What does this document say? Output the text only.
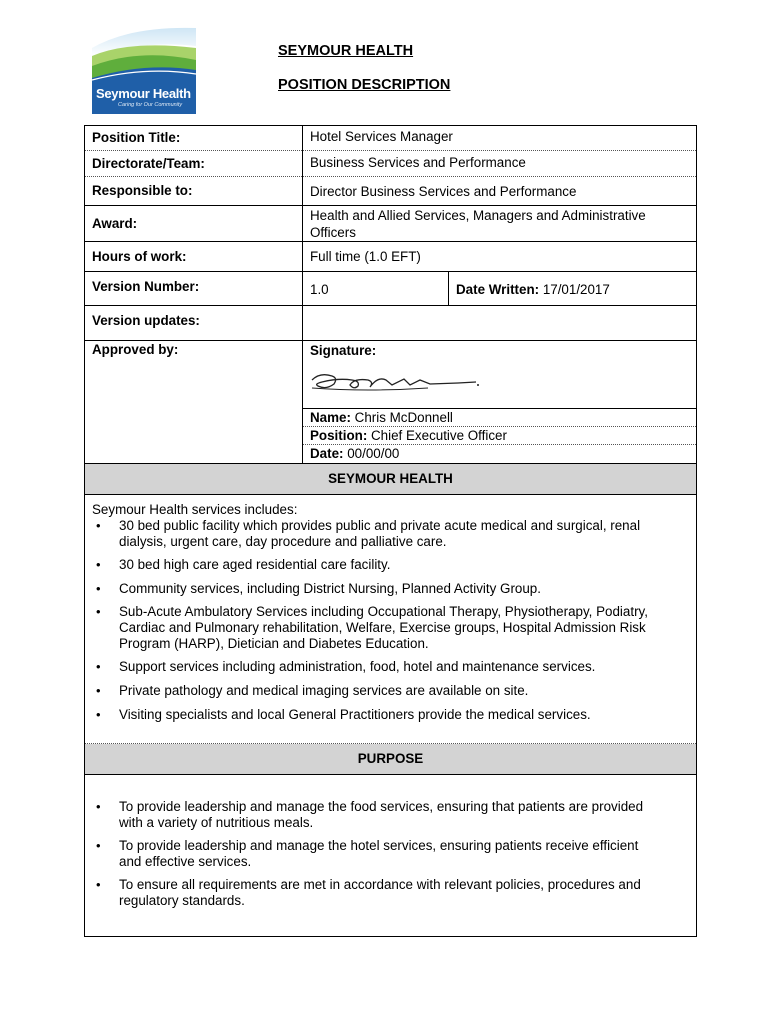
Seymour Health
Caring for Our Community
SEYMOUR HEALTH
POSITION DESCRIPTION
Position Title:	Hotel Services Manager
Directorate/Team:	Business Services and Performance
Responsible to:	Director Business Services and Performance
Award:
Health and Allied Services, Managers and Administrative Officers
Hours of work:	Full time (1.0 EFT)
Version Number:	1.0	Date Written: 17/01/2017
Version updates:
Approved by:	Signature:
Name: Chris McDonnell
Position: Chief Executive Officer
Date: 00/00/00
SEYMOUR HEALTH
Seymour Health services includes:
• 30 bed public facility which provides public and private acute medical and surgical, renal
dialysis, urgent care, day procedure and palliative care.
• 30 bed high care aged residential care facility.
• Community services, including District Nursing, Planned Activity Group.
• Sub-Acute Ambulatory Services including Occupational Therapy, Physiotherapy, Podiatry,
Cardiac and Pulmonary rehabilitation, Welfare, Exercise groups, Hospital Admission Risk
Program (HARP), Dietician and Diabetes Education.
• Support services including administration, food, hotel and maintenance services.
• Private pathology and medical imaging services are available on site.
• Visiting specialists and local General Practitioners provide the medical services.
PURPOSE
• To provide leadership and manage the food services, ensuring that patients are provided
with a variety of nutritious meals.
• To provide leadership and manage the hotel services, ensuring patients receive efficient
and effective services.
• To ensure all requirements are met in accordance with relevant policies, procedures and
regulatory standards.
